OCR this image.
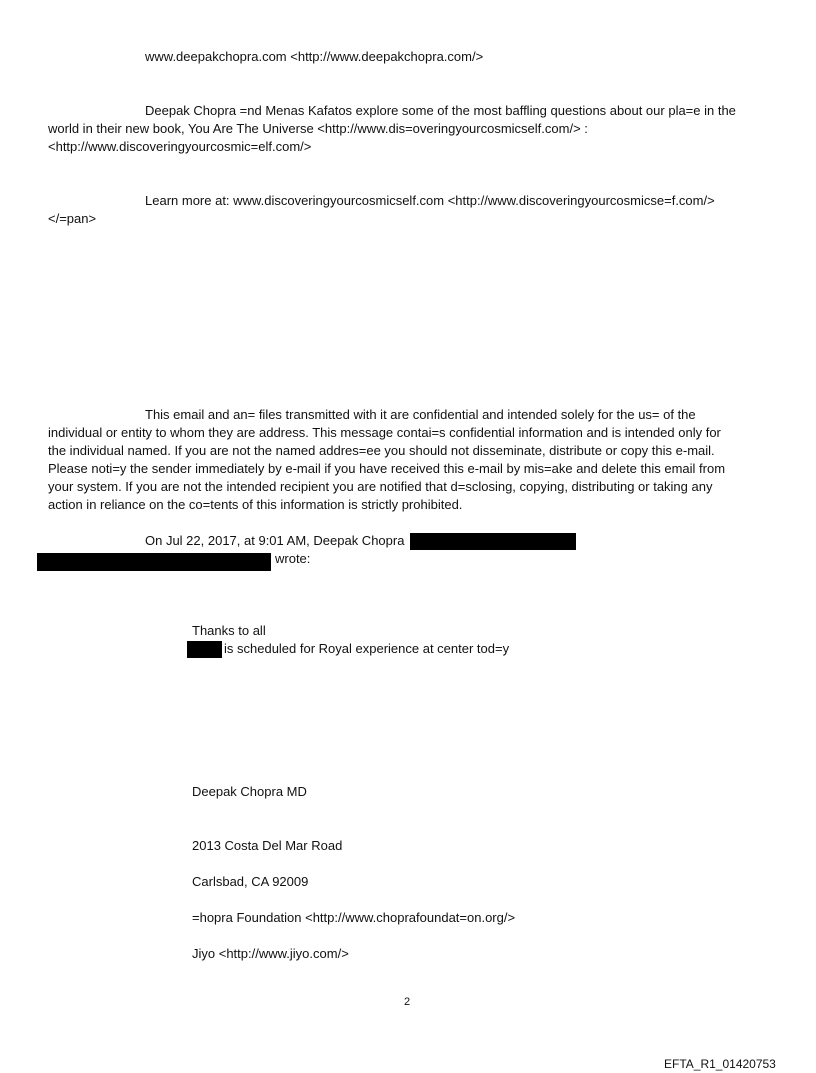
www.deepakchopra.com <http://www.deepakchopra.com/>
Deepak Chopra =nd Menas Kafatos explore some of the most baffling questions about our pla=e in the
world in their new book, You Are The Universe <http://www.dis=overingyourcosmicself.com/> :
<http://www.discoveringyourcosmic=elf.com/>
Learn more at: www.discoveringyourcosmicself.com <http://www.discoveringyourcosmicse=f.com/>
</=pan>
This email and an= files transmitted with it are confidential and intended solely for the us= of the
individual or entity to whom they are address. This message contai=s confidential information and is intended only for
the individual named. If you are not the named addres=ee you should not disseminate, distribute or copy this e-mail.
Please noti=y the sender immediately by e-mail if you have received this e-mail by mis=ake and delete this email from
your system. If you are not the intended recipient you are notified that d=sclosing, copying, distributing or taking any
action in reliance on the co=tents of this information is strictly prohibited.
On Jul 22, 2017, at 9:01 AM, Deepak Chopra
wrote:
Thanks to all
is scheduled for Royal experience at center tod=y
Deepak Chopra MD
2013 Costa Del Mar Road
Carlsbad, CA 92009
=hopra Foundation <http://www.choprafoundat=on.org/>
Jiyo <http://www.jiyo.com/>
2
EFTA_R1_01420753
